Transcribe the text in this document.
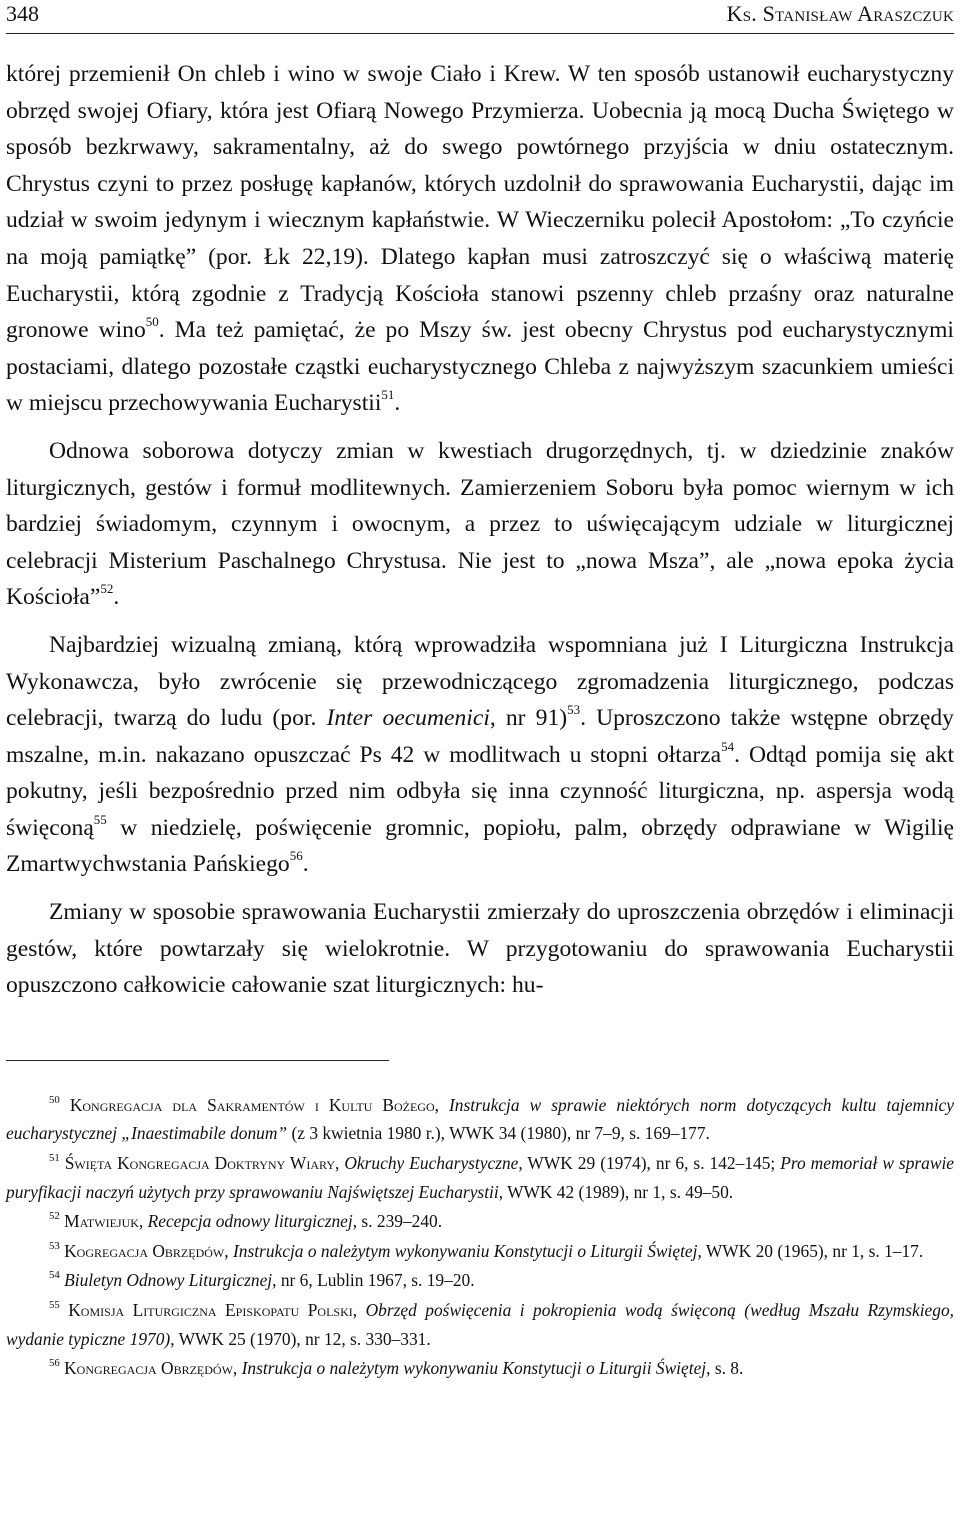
348	Ks. Stanisław Araszczuk

której przemienił On chleb i wino w swoje Ciało i Krew. W ten sposób ustanowił eucharystyczny obrzęd swojej Ofiary, która jest Ofiarą Nowego Przymierza. Uobecnia ją mocą Ducha Świętego w sposób bezkrwawy, sakramentalny, aż do swego powtórnego przyjścia w dniu ostatecznym. Chrystus czyni to przez posługę kapłanów, których uzdolnił do sprawowania Eucharystii, dając im udział w swoim jedynym i wiecznym kapłaństwie. W Wieczerniku polecił Apostołom: „To czyńcie na moją pamiątkę” (por. Łk 22,19). Dlatego kapłan musi zatroszczyć się o właściwą materię Eucharystii, którą zgodnie z Tradycją Kościoła stanowi pszenny chleb przaśny oraz naturalne gronowe wino$^{50}$. Ma też pamiętać, że po Mszy św. jest obecny Chrystus pod eucharystycznymi postaciami, dlatego pozostałe cząstki eucharystycznego Chleba z najwyższym szacunkiem umieści w miejscu przechowywania Eucharystii$^{51}$.

Odnowa soborowa dotyczy zmian w kwestiach drugorzędnych, tj. w dziedzinie znaków liturgicznych, gestów i formuł modlitewnych. Zamierzeniem Soboru była pomoc wiernym w ich bardziej świadomym, czynnym i owocnym, a przez to uświęcającym udziale w liturgicznej celebracji Misterium Paschalnego Chrystusa. Nie jest to „nowa Msza”, ale „nowa epoka życia Kościoła”$^{52}$.

Najbardziej wizualną zmianą, którą wprowadziła wspomniana już I Liturgiczna Instrukcja Wykonawcza, było zwrócenie się przewodniczącego zgromadzenia liturgicznego, podczas celebracji, twarzą do ludu (por. Inter oecumenici, nr 91)$^{53}$. Uproszczono także wstępne obrzędy mszalne, m.in. nakazano opuszczać Ps 42 w modlitwach u stopni ołtarza$^{54}$. Odtąd pomija się akt pokutny, jeśli bezpośrednio przed nim odbyła się inna czynność liturgiczna, np. aspersja wodą święconą$^{55}$ w niedzielę, poświęcenie gromnic, popiołu, palm, obrzędy odprawiane w Wigilię Zmartwychwstania Pańskiego$^{56}$.

Zmiany w sposobie sprawowania Eucharystii zmierzały do uproszczenia obrzędów i eliminacji gestów, które powtarzały się wielokrotnie. W przygotowaniu do sprawowania Eucharystii opuszczono całkowicie całowanie szat liturgicznych: hu-

$^{50}$ Kongregacja dla Sakramentów i Kultu Bożego, Instrukcja w sprawie niektórych norm dotyczących kultu tajemnicy eucharystycznej „Inaestimabile donum” (z 3 kwietnia 1980 r.), WWK 34 (1980), nr 7–9, s. 169–177.

$^{51}$ Święta Kongregacja Doktryny Wiary, Okruchy Eucharystyczne, WWK 29 (1974), nr 6, s. 142–145; Pro memoriał w sprawie puryfikacji naczyń użytych przy sprawowaniu Najświętszej Eucharystii, WWK 42 (1989), nr 1, s. 49–50.

$^{52}$ Matwiejuk, Recepcja odnowy liturgicznej, s. 239–240.

$^{53}$ Kogregacja Obrzędów, Instrukcja o należytym wykonywaniu Konstytucji o Liturgii Świętej, WWK 20 (1965), nr 1, s. 1–17.

$^{54}$ Biuletyn Odnowy Liturgicznej, nr 6, Lublin 1967, s. 19–20.

$^{55}$ Komisja Liturgiczna Episkopatu Polski, Obrzęd poświęcenia i pokropienia wodą święconą (według Mszału Rzymskiego, wydanie typiczne 1970), WWK 25 (1970), nr 12, s. 330–331.

$^{56}$ Kongregacja Obrzędów, Instrukcja o należytym wykonywaniu Konstytucji o Liturgii Świętej, s. 8.
